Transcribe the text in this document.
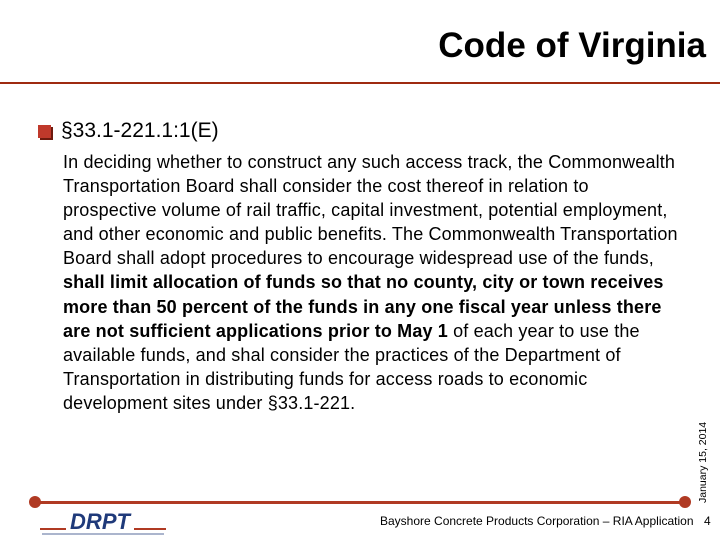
Code of Virginia
§33.1-221.1:1(E)
In deciding whether to construct any such access track, the Commonwealth Transportation Board shall consider the cost thereof in relation to prospective volume of rail traffic, capital investment, potential employment, and other economic and public benefits. The Commonwealth Transportation Board shall adopt procedures to encourage widespread use of the funds, shall limit allocation of funds so that no county, city or town receives more than 50 percent of the funds in any one fiscal year unless there are not sufficient applications prior to May 1 of each year to use the available funds, and shal consider the practices of the Department of Transportation in distributing funds for access roads to economic development sites under §33.1-221.
January 15, 2014
DRPT	Bayshore Concrete Products Corporation – RIA Application 4
